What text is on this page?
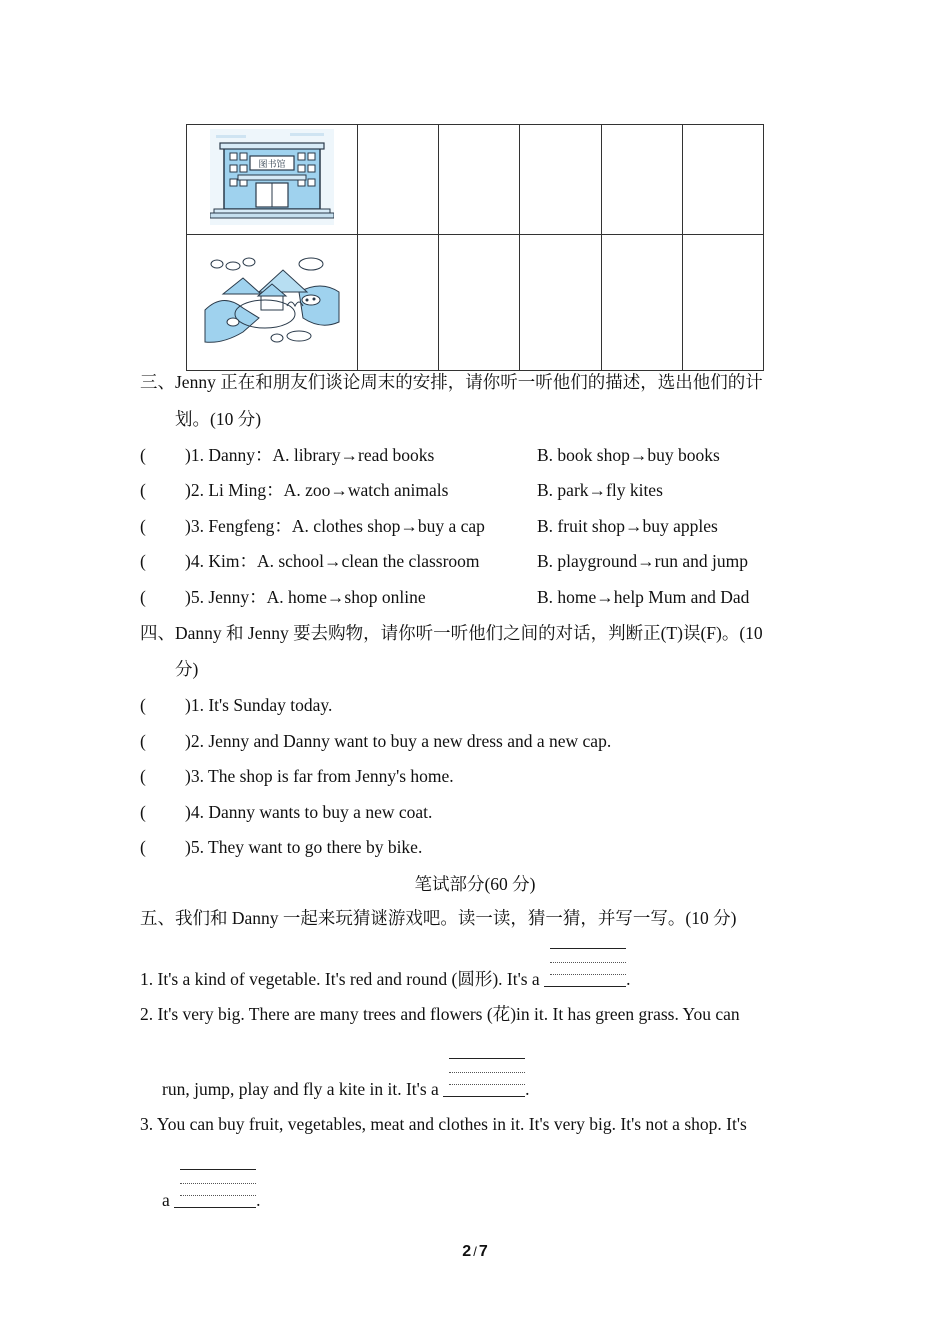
图书馆					

三、Jenny 正在和朋友们谈论周末的安排，请你听一听他们的描述，选出他们的计
划。(10 分)
( )1. Danny：A. library→read books	B. book shop→buy books
( )2. Li Ming：A. zoo→watch animals	B. park→fly kites
( )3. Fengfeng：A. clothes shop→buy a cap	B. fruit shop→buy apples
( )4. Kim：A. school→clean the classroom	B. playground→run and jump
( )5. Jenny：A. home→shop online	B. home→help Mum and Dad
四、Danny 和 Jenny 要去购物，请你听一听他们之间的对话，判断正(T)误(F)。(10
分)
( )1. It's Sunday today.
( )2. Jenny and Danny want to buy a new dress and a new cap.
( )3. The shop is far from Jenny's home.
( )4. Danny wants to buy a new coat.
( )5. They want to go there by bike.
笔试部分(60 分)
五、我们和 Danny 一起来玩猜谜游戏吧。读一读，猜一猜，并写一写。(10 分)
1. It's a kind of vegetable. It's red and round (圆形). It's a	.
2. It's very big. There are many trees and flowers (花)in it. It has green grass. You can
run, jump, play and fly a kite in it. It's a	.
3. You can buy fruit, vegetables, meat and clothes in it. It's very big. It's not a shop. It's
a	.
2 / 7
